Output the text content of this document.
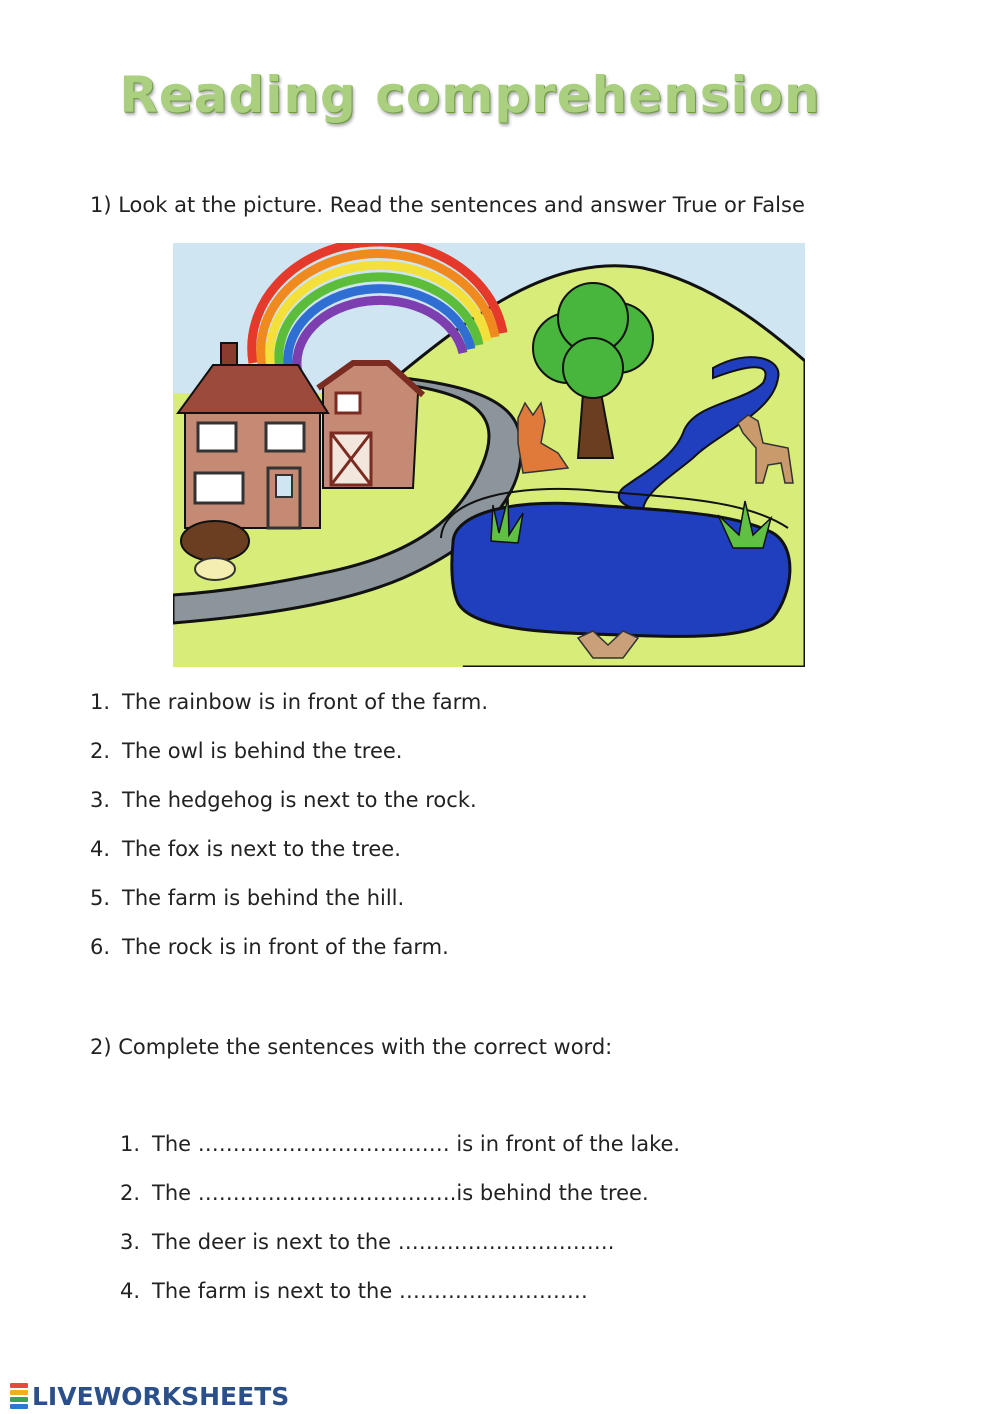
Reading comprehension
1) Look at the picture. Read the sentences and answer True or False
1. The rainbow is in front of the farm.
2. The owl is behind the tree.
3. The hedgehog is next to the rock.
4. The fox is next to the tree.
5. The farm is behind the hill.
6. The rock is in front of the farm.
2) Complete the sentences with the correct word:
1. The ……………………………… is in front of the lake.
2. The ……………………………….is behind the tree.
3. The deer is next to the ………………………….
4. The farm is next to the ………………………
LIVEWORKSHEETS
